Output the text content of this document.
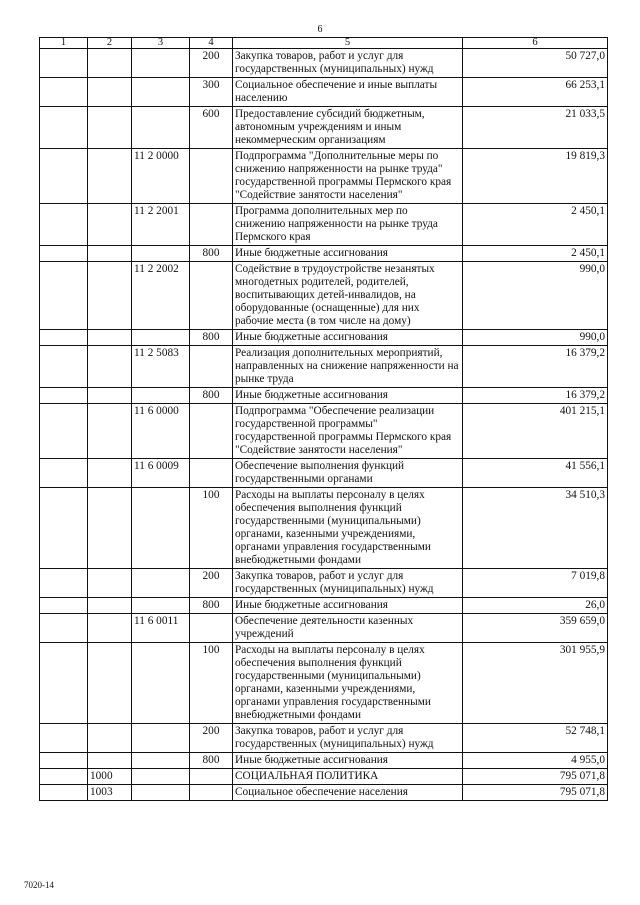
6
1	2	3	4	5	6
			200	Закупка товаров, работ и услуг для государственных (муниципальных) нужд	50 727,0
			300	Социальное обеспечение и иные выплаты населению	66 253,1
			600	Предоставление субсидий бюджетным, автономным учреждениям и иным некоммерческим организациям	21 033,5
		11 2 0000		Подпрограмма "Дополнительные меры по снижению напряженности на рынке труда" государственной программы Пермского края "Содействие занятости населения"	19 819,3
		11 2 2001		Программа дополнительных мер по снижению напряженности на рынке труда Пермского края	2 450,1
			800	Иные бюджетные ассигнования	2 450,1
		11 2 2002		Содействие в трудоустройстве незанятых многодетных родителей, родителей, воспитывающих детей-инвалидов, на оборудованные (оснащенные) для них рабочие места (в том числе на дому)	990,0
			800	Иные бюджетные ассигнования	990,0
		11 2 5083		Реализация дополнительных мероприятий, направленных на снижение напряженности на рынке труда	16 379,2
			800	Иные бюджетные ассигнования	16 379,2
		11 6 0000		Подпрограмма "Обеспечение реализации государственной программы" государственной программы Пермского края "Содействие занятости населения"	401 215,1
		11 6 0009		Обеспечение выполнения функций государственными органами	41 556,1
			100	Расходы на выплаты персоналу в целях обеспечения выполнения функций государственными (муниципальными) органами, казенными учреждениями, органами управления государственными внебюджетными фондами	34 510,3
			200	Закупка товаров, работ и услуг для государственных (муниципальных) нужд	7 019,8
			800	Иные бюджетные ассигнования	26,0
		11 6 0011		Обеспечение деятельности казенных учреждений	359 659,0
			100	Расходы на выплаты персоналу в целях обеспечения выполнения функций государственными (муниципальными) органами, казенными учреждениями, органами управления государственными внебюджетными фондами	301 955,9
			200	Закупка товаров, работ и услуг для государственных (муниципальных) нужд	52 748,1
			800	Иные бюджетные ассигнования	4 955,0
	1000			СОЦИАЛЬНАЯ ПОЛИТИКА	795 071,8
	1003			Социальное обеспечение населения	795 071,8
7020-14
